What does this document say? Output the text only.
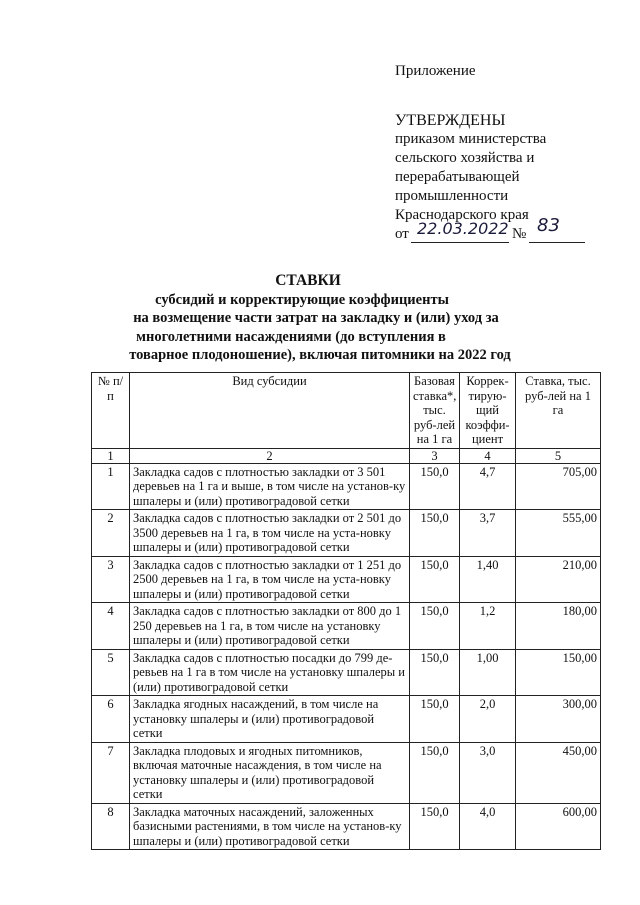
Приложение
УТВЕРЖДЕНЫ
приказом министерства
сельского хозяйства и
перерабатывающей
промышленности
Краснодарского края
от 22.03.2022 № 83
СТАВКИ
субсидий и корректирующие коэффициенты
на возмещение части затрат на закладку и (или) уход за
многолетними насаждениями (до вступления в
товарное плодоношение), включая питомники на 2022 год
№ п/п	Вид субсидии	Базовая ставка*, тыс. руб-лей на 1 га	Коррек-тирую-щий коэффи-циент	Ставка, тыс. руб-лей на 1 га
1	2	3	4	5
1	Закладка садов с плотностью закладки от 3 501 деревьев на 1 га и выше, в том числе на установ-ку шпалеры и (или) противоградовой сетки	150,0	4,7	705,00
2	Закладка садов с плотностью закладки от 2 501 до 3500 деревьев на 1 га, в том числе на уста-новку шпалеры и (или) противоградовой сетки	150,0	3,7	555,00
3	Закладка садов с плотностью закладки от 1 251 до 2500 деревьев на 1 га, в том числе на уста-новку шпалеры и (или) противоградовой сетки	150,0	1,40	210,00
4	Закладка садов с плотностью закладки от 800 до 1 250 деревьев на 1 га, в том числе на установку шпалеры и (или) противоградовой сетки	150,0	1,2	180,00
5	Закладка садов с плотностью посадки до 799 де-ревьев на 1 га в том числе на установку шпалеры и (или) противоградовой сетки	150,0	1,00	150,00
6	Закладка ягодных насаждений, в том числе на установку шпалеры и (или) противоградовой сетки	150,0	2,0	300,00
7	Закладка плодовых и ягодных питомников, включая маточные насаждения, в том числе на установку шпалеры и (или) противоградовой сетки	150,0	3,0	450,00
8	Закладка маточных насаждений, заложенных базисными растениями, в том числе на установ-ку шпалеры и (или) противоградовой сетки	150,0	4,0	600,00
